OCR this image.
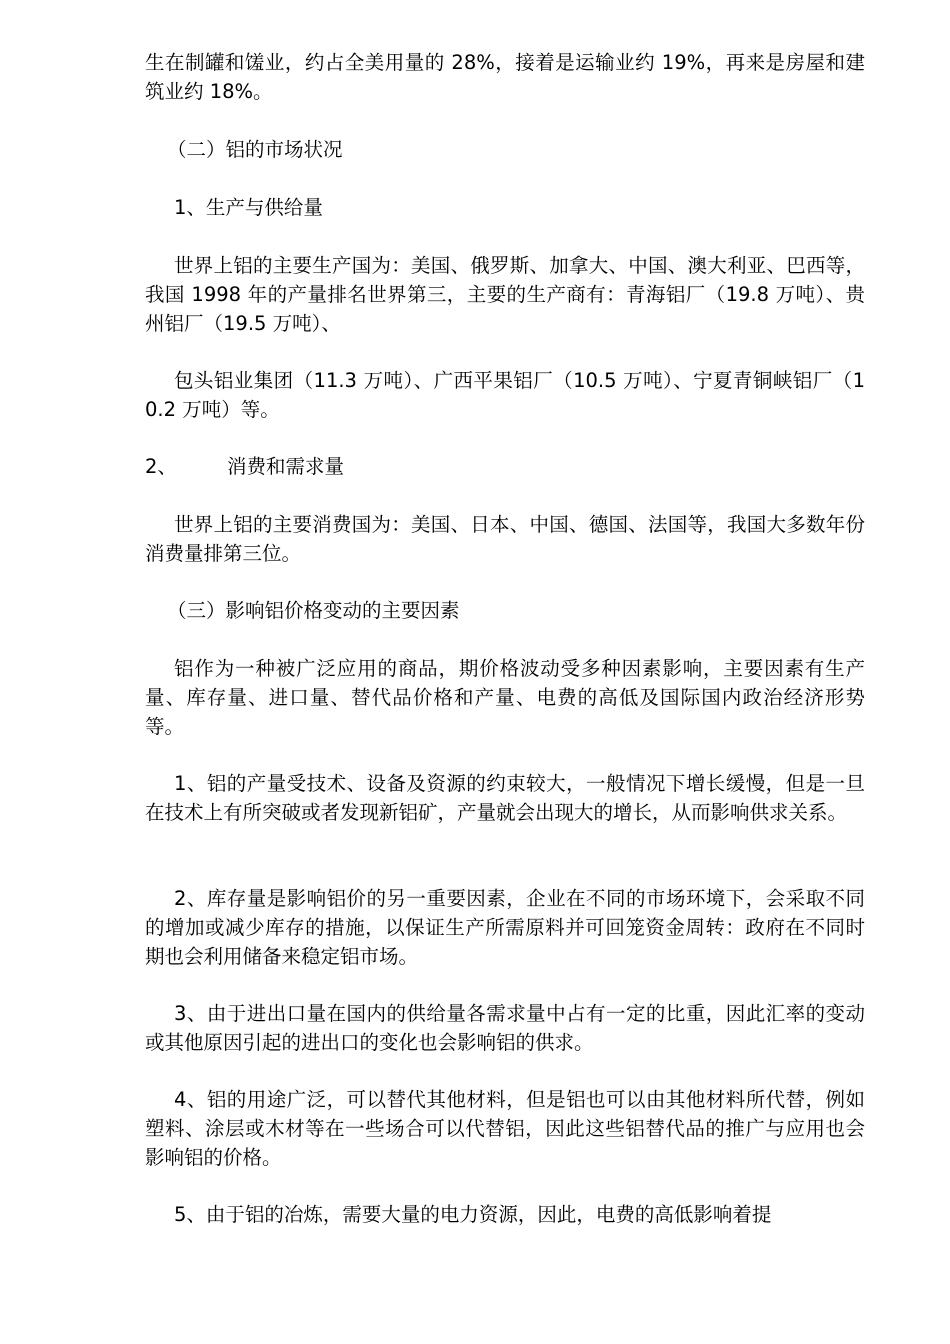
生在制罐和馐业，约占全美用量的 28%，接着是运输业约 19%，再来是房屋和建筑业约 18%。

（二）铝的市场状况

1、生产与供给量

世界上铝的主要生产国为：美国、俄罗斯、加拿大、中国、澳大利亚、巴西等，我国 1998 年的产量排名世界第三，主要的生产商有：青海铝厂（19.8 万吨）、贵州铝厂（19.5 万吨）、

包头铝业集团（11.3 万吨）、广西平果铝厂（10.5 万吨）、宁夏青铜峡铝厂（10.2 万吨）等。

2、	消费和需求量

世界上铝的主要消费国为：美国、日本、中国、德国、法国等，我国大多数年份消费量排第三位。

（三）影响铝价格变动的主要因素

铝作为一种被广泛应用的商品，期价格波动受多种因素影响，主要因素有生产量、库存量、进口量、替代品价格和产量、电费的高低及国际国内政治经济形势等。

1、铝的产量受技术、设备及资源的约束较大，一般情况下增长缓慢，但是一旦在技术上有所突破或者发现新铝矿，产量就会出现大的增长，从而影响供求关系。

2、库存量是影响铝价的另一重要因素，企业在不同的市场环境下，会采取不同的增加或减少库存的措施，以保证生产所需原料并可回笼资金周转：政府在不同时期也会利用储备来稳定铝市场。

3、由于进出口量在国内的供给量各需求量中占有一定的比重，因此汇率的变动或其他原因引起的进出口的变化也会影响铝的供求。

4、铝的用途广泛，可以替代其他材料，但是铝也可以由其他材料所代替，例如塑料、涂层或木材等在一些场合可以代替铝，因此这些铝替代品的推广与应用也会影响铝的价格。

5、由于铝的冶炼，需要大量的电力资源，因此，电费的高低影响着提
